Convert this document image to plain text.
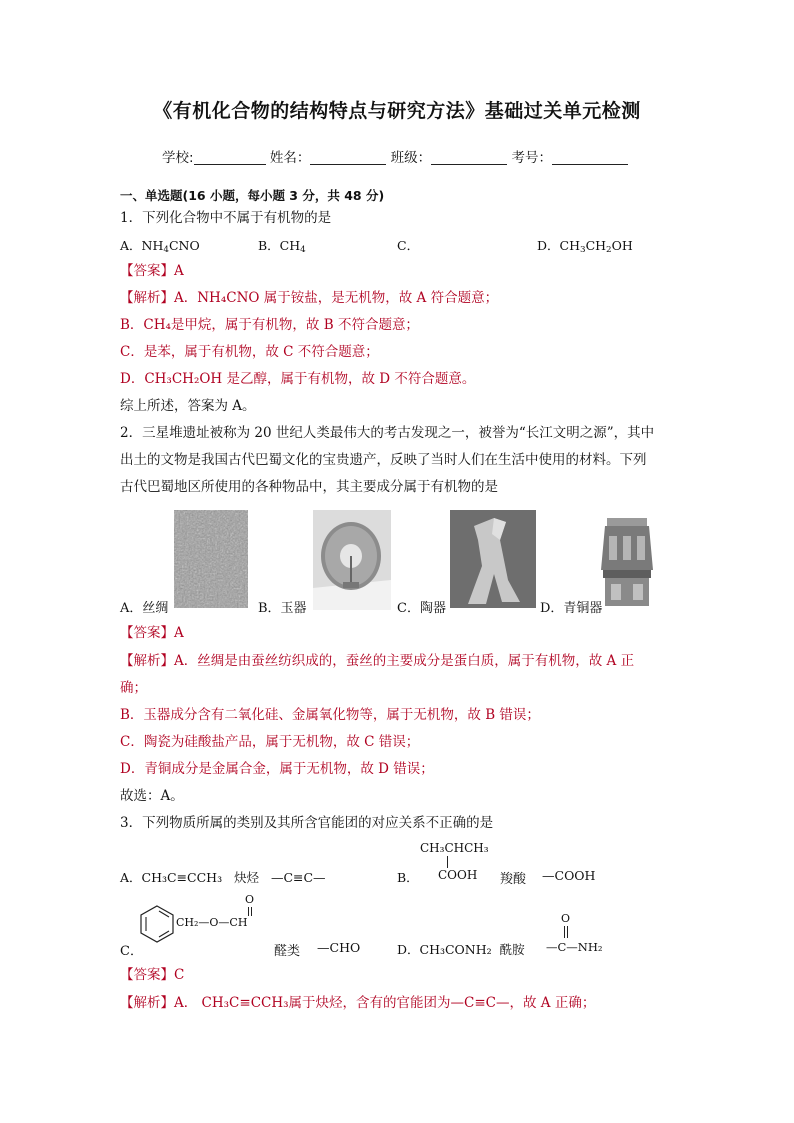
《有机化合物的结构特点与研究方法》基础过关单元检测
学校:	姓名：	班级：	考号：
一、单选题(16 小题，每小题 3 分，共 48 分)
1．下列化合物中不属于有机物的是
A．$NH_4CNO$	B．$CH_4$	C．	D．$CH_3CH_2OH$
【答案】A
【解析】A．NH₄CNO 属于铵盐，是无机物，故 A 符合题意；
B．CH₄是甲烷，属于有机物，故 B 不符合题意；
C．是苯，属于有机物，故 C 不符合题意；
D．CH₃CH₂OH 是乙醇，属于有机物，故 D 不符合题意。
综上所述，答案为 A。
2．三星堆遗址被称为 20 世纪人类最伟大的考古发现之一，被誉为“长江文明之源”，其中
出土的文物是我国古代巴蜀文化的宝贵遗产，反映了当时人们在生活中使用的材料。下列
古代巴蜀地区所使用的各种物品中，其主要成分属于有机物的是
A．丝绸	B．玉器	C．陶器	D．青铜器
【答案】A
【解析】A．丝绸是由蚕丝纺织成的，蚕丝的主要成分是蛋白质，属于有机物，故 A 正
确；
B．玉器成分含有二氧化硅、金属氧化物等，属于无机物，故 B 错误；
C．陶瓷为硅酸盐产品，属于无机物，故 C 错误；
D．青铜成分是金属合金，属于无机物，故 D 错误；
故选：A。
3．下列物质所属的类别及其所含官能团的对应关系不正确的是
A．CH₃C≡CCH₃ 炔烃 —C≡C—	B．
CH₃CHCH₃
COOH 羧酸 —COOH
C．
O
CH₂—O—CH
醛类 —CHO	D．CH₃CONH₂ 酰胺
O
—C—NH₂
【答案】C
【解析】A． CH₃C≡CCH₃属于炔烃，含有的官能团为—C≡C—，故 A 正确；
